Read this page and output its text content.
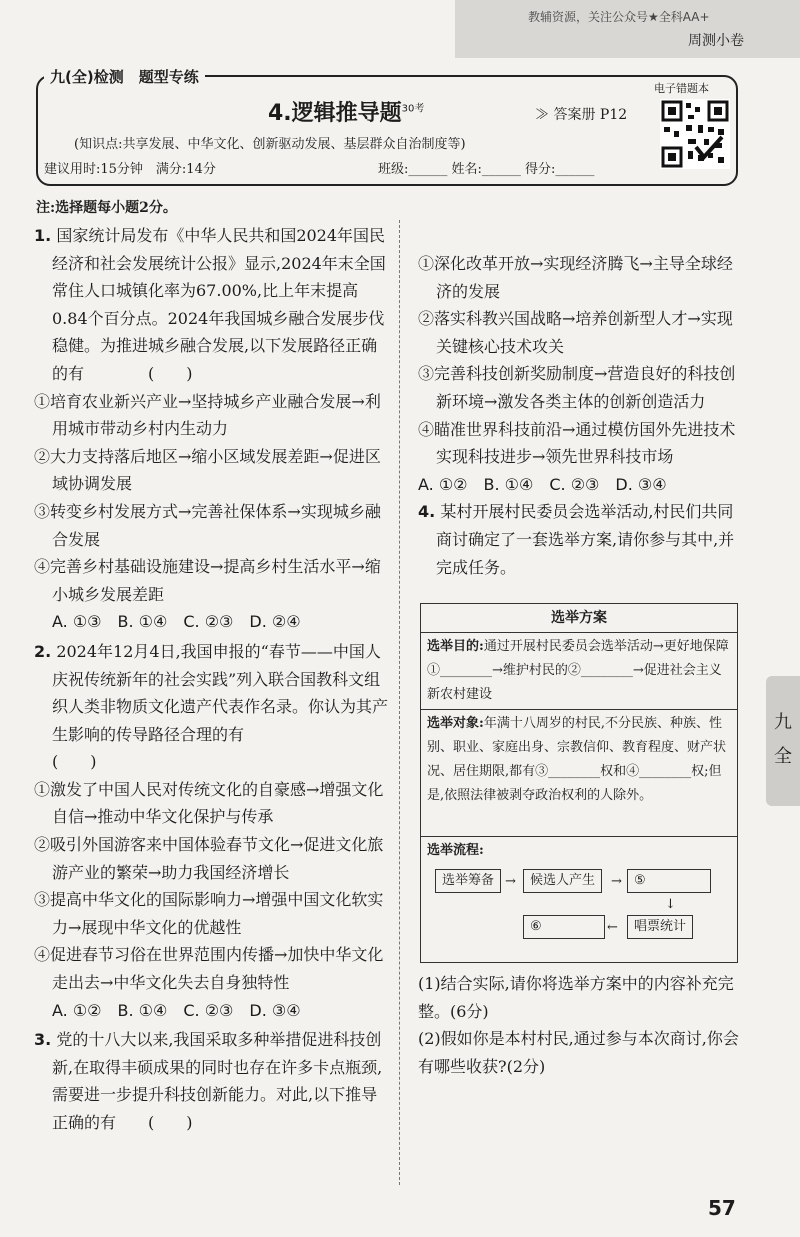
教辅资源，关注公众号★全科AA+
周测小卷
九(全)检测　题型专练
4.逻辑推导题$^{30考}$	≫ 答案册 P12
(知识点:共享发展、中华文化、创新驱动发展、基层群众自治制度等)
建议用时:15分钟　满分:14分	班级:______ 姓名:______ 得分:______
电子错题本
注:选择题每小题2分。

1. 国家统计局发布《中华人民共和国2024年国民经济和社会发展统计公报》显示,2024年末全国常住人口城镇化率为67.00%,比上年末提高0.84个百分点。2024年我国城乡融合发展步伐稳健。为推进城乡融合发展,以下发展路径正确的有　　　　(　　)

①培育农业新兴产业→坚持城乡产业融合发展→利用城市带动乡村内生动力

②大力支持落后地区→缩小区域发展差距→促进区域协调发展

③转变乡村发展方式→完善社保体系→实现城乡融合发展

④完善乡村基础设施建设→提高乡村生活水平→缩小城乡发展差距

A. ①③　B. ①④　C. ②③　D. ②④

2. 2024年12月4日,我国申报的“春节——中国人庆祝传统新年的社会实践”列入联合国教科文组织人类非物质文化遗产代表作名录。你认为其产生影响的传导路径合理的有　　　　　　　　　　(　　)

①激发了中国人民对传统文化的自豪感→增强文化自信→推动中华文化保护与传承

②吸引外国游客来中国体验春节文化→促进文化旅游产业的繁荣→助力我国经济增长

③提高中华文化的国际影响力→增强中国文化软实力→展现中华文化的优越性

④促进春节习俗在世界范围内传播→加快中华文化走出去→中华文化失去自身独特性

A. ①②　B. ①④　C. ②③　D. ③④

3. 党的十八大以来,我国采取多种举措促进科技创新,在取得丰硕成果的同时也存在许多卡点瓶颈,需要进一步提升科技创新能力。对此,以下推导正确的有　　(　　)

①深化改革开放→实现经济腾飞→主导全球经济的发展

②落实科教兴国战略→培养创新型人才→实现关键核心技术攻关

③完善科技创新奖励制度→营造良好的科技创新环境→激发各类主体的创新创造活力

④瞄准世界科技前沿→通过模仿国外先进技术实现科技进步→领先世界科技市场

A. ①②　B. ①④　C. ②③　D. ③④

4. 某村开展村民委员会选举活动,村民们共同商讨确定了一套选举方案,请你参与其中,并完成任务。

选举方案
选举目的:通过开展村民委员会选举活动→更好地保障①________→维护村民的②________→促进社会主义新农村建设
选举对象:年满十八周岁的村民,不分民族、种族、性别、职业、家庭出身、宗教信仰、教育程度、财产状况、居住期限,都有③________权和④________权;但是,依照法律被剥夺政治权利的人除外。
选举流程:
选举筹备 →	候选人产生	→ ⑤
↓
唱票统计
←
⑥

(1)结合实际,请你将选举方案中的内容补充完整。(6分)

(2)假如你是本村村民,通过参与本次商讨,你会有哪些收获?(2分)

九
全
57
